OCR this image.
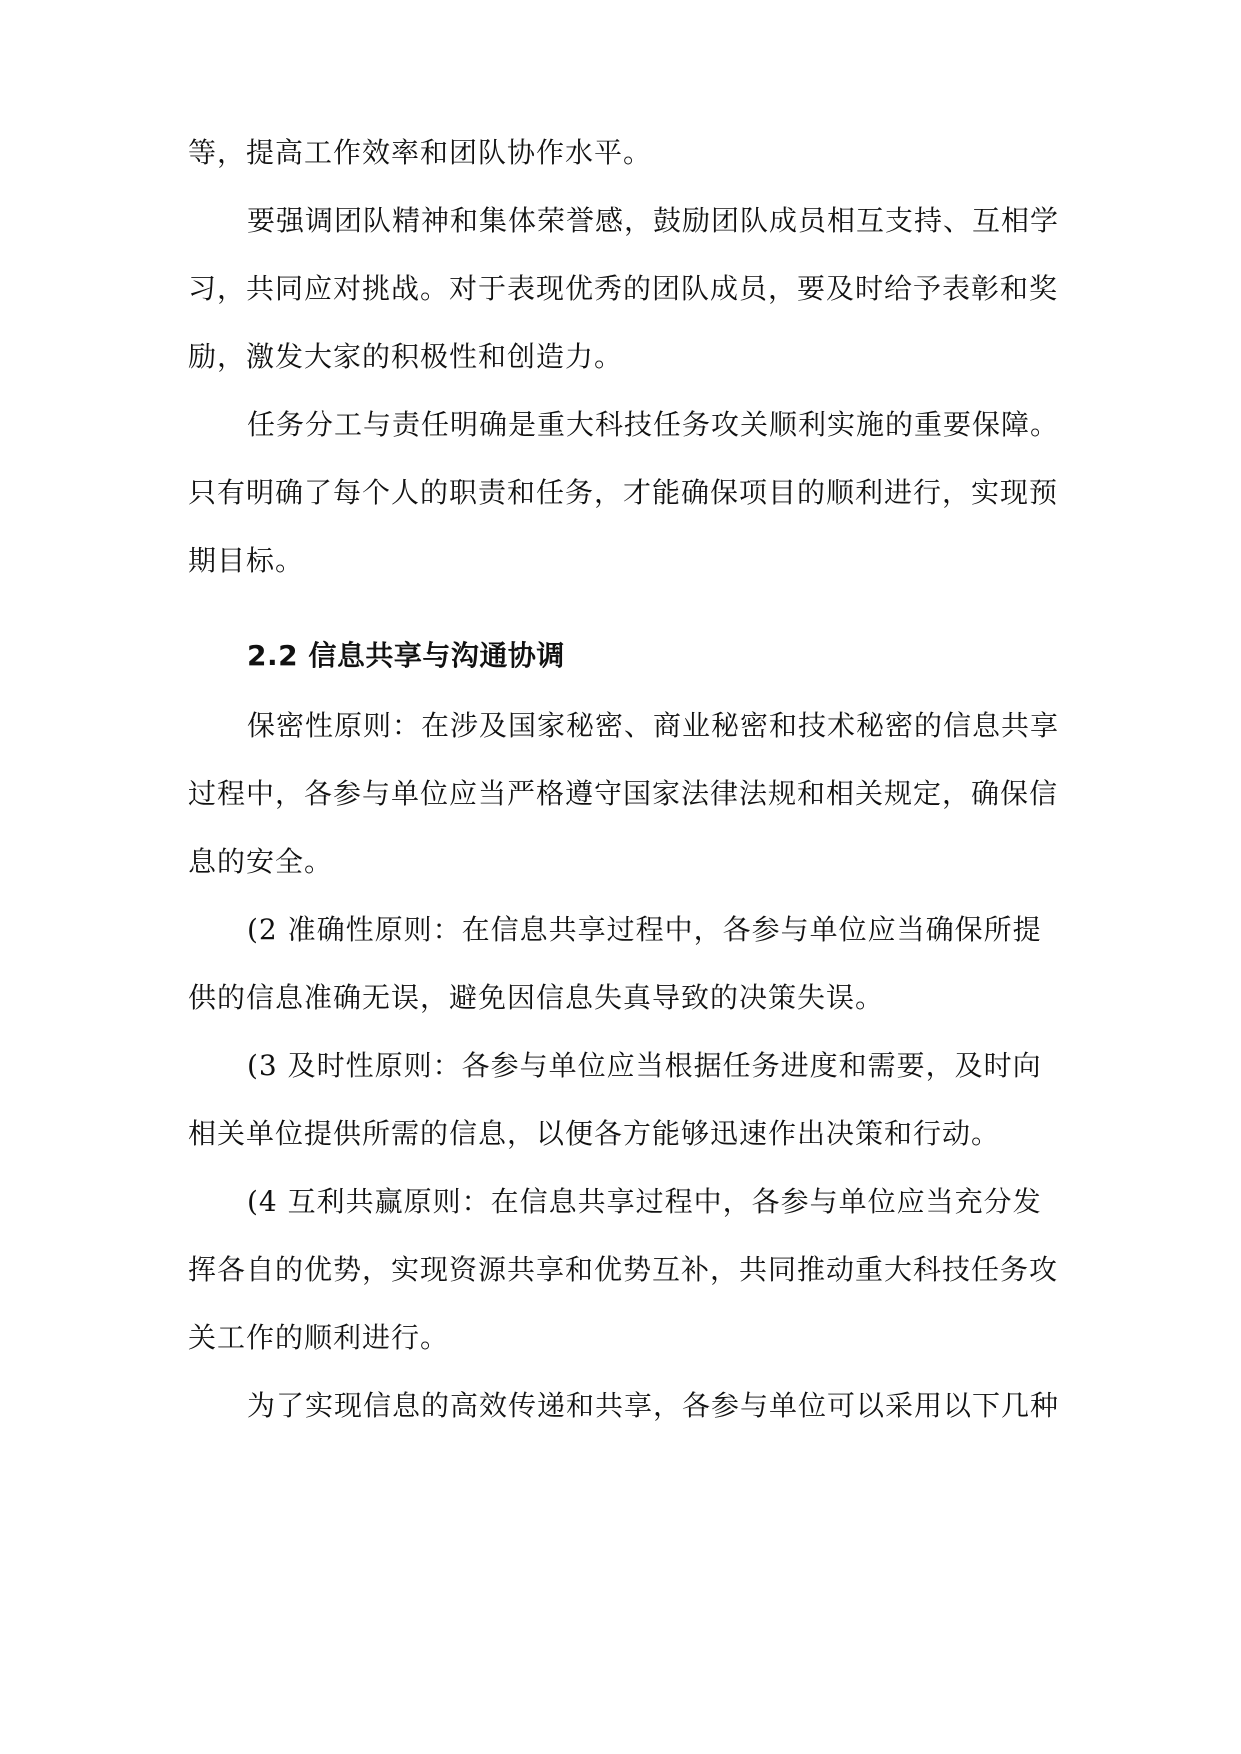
等，提高工作效率和团队协作水平。
要强调团队精神和集体荣誉感，鼓励团队成员相互支持、互相学
习，共同应对挑战。对于表现优秀的团队成员，要及时给予表彰和奖
励，激发大家的积极性和创造力。
任务分工与责任明确是重大科技任务攻关顺利实施的重要保障。
只有明确了每个人的职责和任务，才能确保项目的顺利进行，实现预
期目标。
2.2 信息共享与沟通协调
保密性原则：在涉及国家秘密、商业秘密和技术秘密的信息共享
过程中，各参与单位应当严格遵守国家法律法规和相关规定，确保信
息的安全。
(2 准确性原则：在信息共享过程中，各参与单位应当确保所提
供的信息准确无误，避免因信息失真导致的决策失误。
(3 及时性原则：各参与单位应当根据任务进度和需要，及时向
相关单位提供所需的信息，以便各方能够迅速作出决策和行动。
(4 互利共赢原则：在信息共享过程中，各参与单位应当充分发
挥各自的优势，实现资源共享和优势互补，共同推动重大科技任务攻
关工作的顺利进行。
为了实现信息的高效传递和共享，各参与单位可以采用以下几种
